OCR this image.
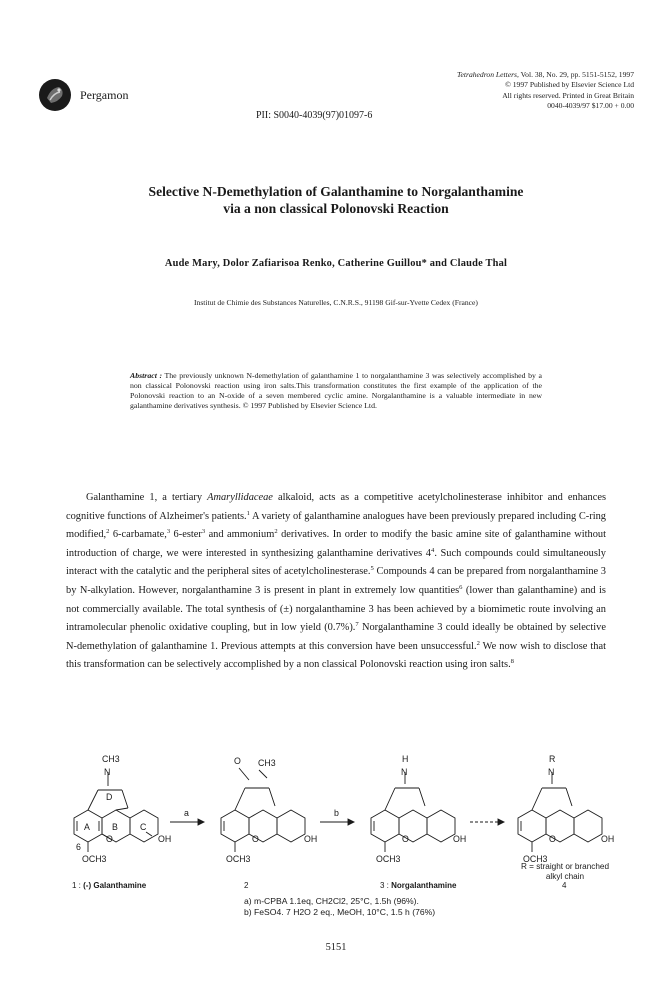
Pergamon
Tetrahedron Letters, Vol. 38, No. 29, pp. 5151-5152, 1997
© 1997 Published by Elsevier Science Ltd
All rights reserved. Printed in Great Britain
0040-4039/97 $17.00 + 0.00
PII: S0040-4039(97)01097-6
Selective N-Demethylation of Galanthamine to Norgalanthamine
via a non classical Polonovski Reaction
Aude Mary, Dolor Zafiarisoa Renko, Catherine Guillou* and Claude Thal
Institut de Chimie des Substances Naturelles, C.N.R.S., 91198 Gif-sur-Yvette Cedex (France)
Abstract : The previously unknown N-demethylation of galanthamine 1 to norgalanthamine 3 was selectively accomplished by a non classical Polonovski reaction using iron salts.This transformation constitutes the first example of the application of the Polonovski reaction to an N-oxide of a seven membered cyclic amine. Norgalanthamine is a valuable intermediate in new galanthamine derivatives synthesis. © 1997 Published by Elsevier Science Ltd.
Galanthamine 1, a tertiary Amaryllidaceae alkaloid, acts as a competitive acetylcholinesterase inhibitor and enhances cognitive functions of Alzheimer's patients.$^1$ A variety of galanthamine analogues have been previously prepared including C-ring modified,$^2$ 6-carbamate,$^3$ 6-ester$^3$ and ammonium$^2$ derivatives. In order to modify the basic amine site of galanthamine without introduction of charge, we were interested in synthesizing galanthamine derivatives $4^4$. Such compounds could simultaneously interact with the catalytic and the peripheral sites of acetylcholinesterase.$^5$ Compounds 4 can be prepared from norgalanthamine 3 by N-alkylation. However, norgalanthamine 3 is present in plant in extremely low quantities$^6$ (lower than galanthamine) and is not commercially available. The total synthesis of (±) norgalanthamine 3 has been achieved by a biomimetic route involving an intramolecular phenolic oxidative coupling, but in low yield (0.7%).$^7$ Norgalanthamine 3 could ideally be obtained by selective N-demethylation of galanthamine 1. Previous attempts at this conversion have been unsuccessful.$^2$ We now wish to disclose that this transformation can be selectively accomplished by a non classical Polonovski reaction using iron salts.$^8$
CH3
N
D
A	B	C
O	OH
6
OCH3
a
O CH3
O	OH
OCH3
b
H
N
O	OH
OCH3
R
N
O	OH
OCH3
1 : (-) Galanthamine	2	3 : Norgalanthamine	4
R = straight or branched
alkyl chain
a) m-CPBA 1.1eq, CH2Cl2, 25°C, 1.5h (96%).
b) FeSO4. 7 H2O 2 eq., MeOH, 10°C, 1.5 h (76%)
5151
